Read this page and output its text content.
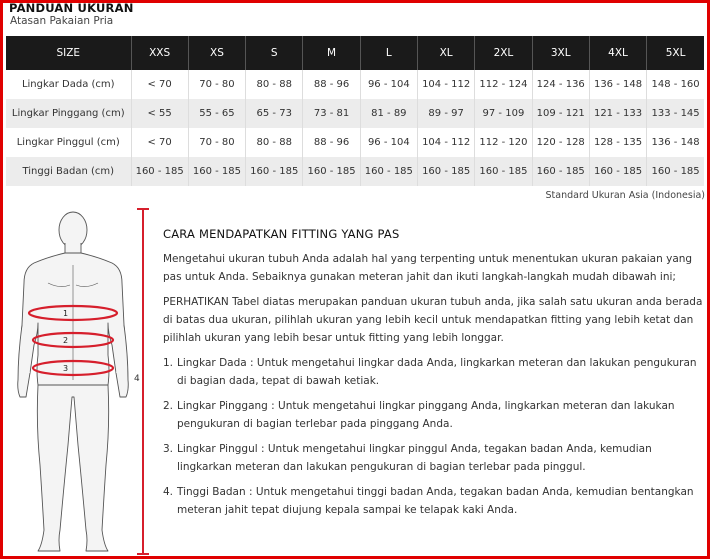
PANDUAN UKURAN
Atasan Pakaian Pria
SIZE	XXS	XS	S	M	L	XL	2XL	3XL	4XL	5XL
Lingkar Dada (cm)	< 70	70 - 80	80 - 88	88 - 96	96 - 104	104 - 112	112 - 124	124 - 136	136 - 148	148 - 160
Lingkar Pinggang (cm)	< 55	55 - 65	65 - 73	73 - 81	81 - 89	89 - 97	97 - 109	109 - 121	121 - 133	133 - 145
Lingkar Pinggul (cm)	< 70	70 - 80	80 - 88	88 - 96	96 - 104	104 - 112	112 - 120	120 - 128	128 - 135	136 - 148
Tinggi Badan (cm)	160 - 185	160 - 185	160 - 185	160 - 185	160 - 185	160 - 185	160 - 185	160 - 185	160 - 185	160 - 185
Standard Ukuran Asia (Indonesia)
1
2
3
4
CARA MENDAPATKAN FITTING YANG PAS

Mengetahui ukuran tubuh Anda adalah hal yang terpenting untuk menentukan ukuran pakaian yang pas untuk Anda. Sebaiknya gunakan meteran jahit dan ikuti langkah-langkah mudah dibawah ini;

PERHATIKAN Tabel diatas merupakan panduan ukuran tubuh anda, jika salah satu ukuran anda berada di batas dua ukuran, pilihlah ukuran yang lebih kecil untuk mendapatkan fitting yang lebih ketat dan pilihlah ukuran yang lebih besar untuk fitting yang lebih longgar.

1. Lingkar Dada : Untuk mengetahui lingkar dada Anda, lingkarkan meteran dan lakukan pengukuran di bagian dada, tepat di bawah ketiak.
2. Lingkar Pinggang : Untuk mengetahui lingkar pinggang Anda, lingkarkan meteran dan lakukan pengukuran di bagian terlebar pada pinggang Anda.
3. Lingkar Pinggul : Untuk mengetahui lingkar pinggul Anda, tegakan badan Anda, kemudian lingkarkan meteran dan lakukan pengukuran di bagian terlebar pada pinggul.
4. Tinggi Badan : Untuk mengetahui tinggi badan Anda, tegakan badan Anda, kemudian bentangkan meteran jahit tepat diujung kepala sampai ke telapak kaki Anda.
